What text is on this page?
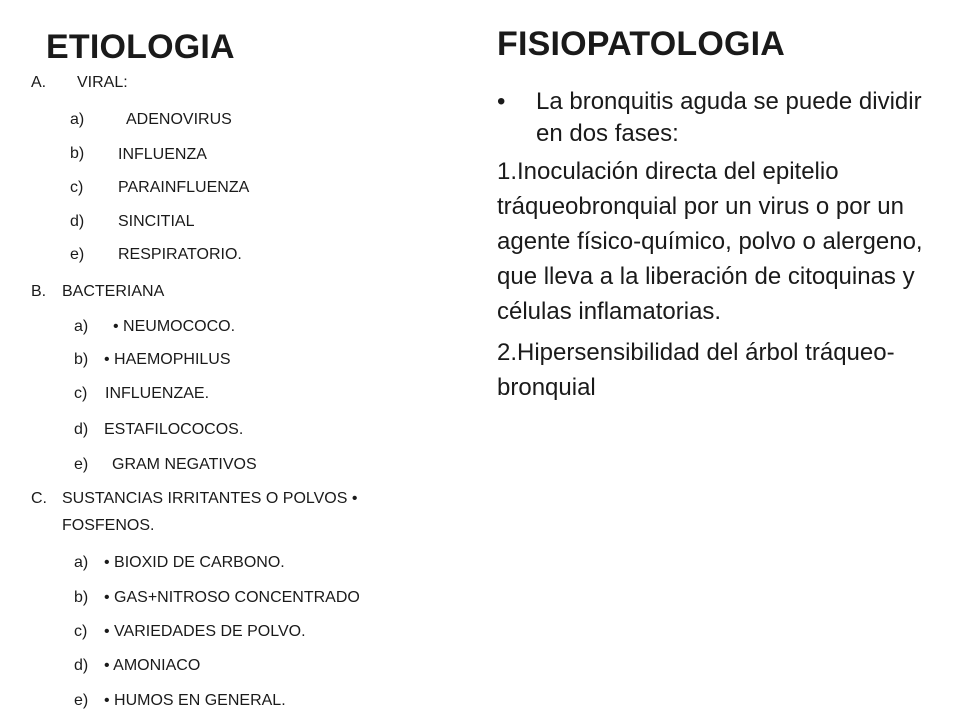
ETIOLOGIA	FISIOPATOLOGIA
A. VIRAL:
a)	ADENOVIRUS
b) INFLUENZA
c) PARAINFLUENZA
d) SINCITIAL
e) RESPIRATORIO.
B. BACTERIANA
a) • NEUMOCOCO.
b) • HAEMOPHILUS
c) INFLUENZAE.
d) ESTAFILOCOCOS.
e) GRAM NEGATIVOS
C. SUSTANCIAS IRRITANTES O POLVOS •
FOSFENOS.
a) • BIOXID DE CARBONO.
b) • GAS+NITROSO CONCENTRADO
c) • VARIEDADES DE POLVO.
d) • AMONIACO
e) • HUMOS EN GENERAL.
• La bronquitis aguda se puede dividir en dos fases:

1.Inoculación directa del epitelio tráqueobronquial por un virus o por un agente físico-químico, polvo o alergeno, que lleva a la liberación de citoquinas y células inflamatorias.

2.Hipersensibilidad del árbol tráqueo-bronquial
